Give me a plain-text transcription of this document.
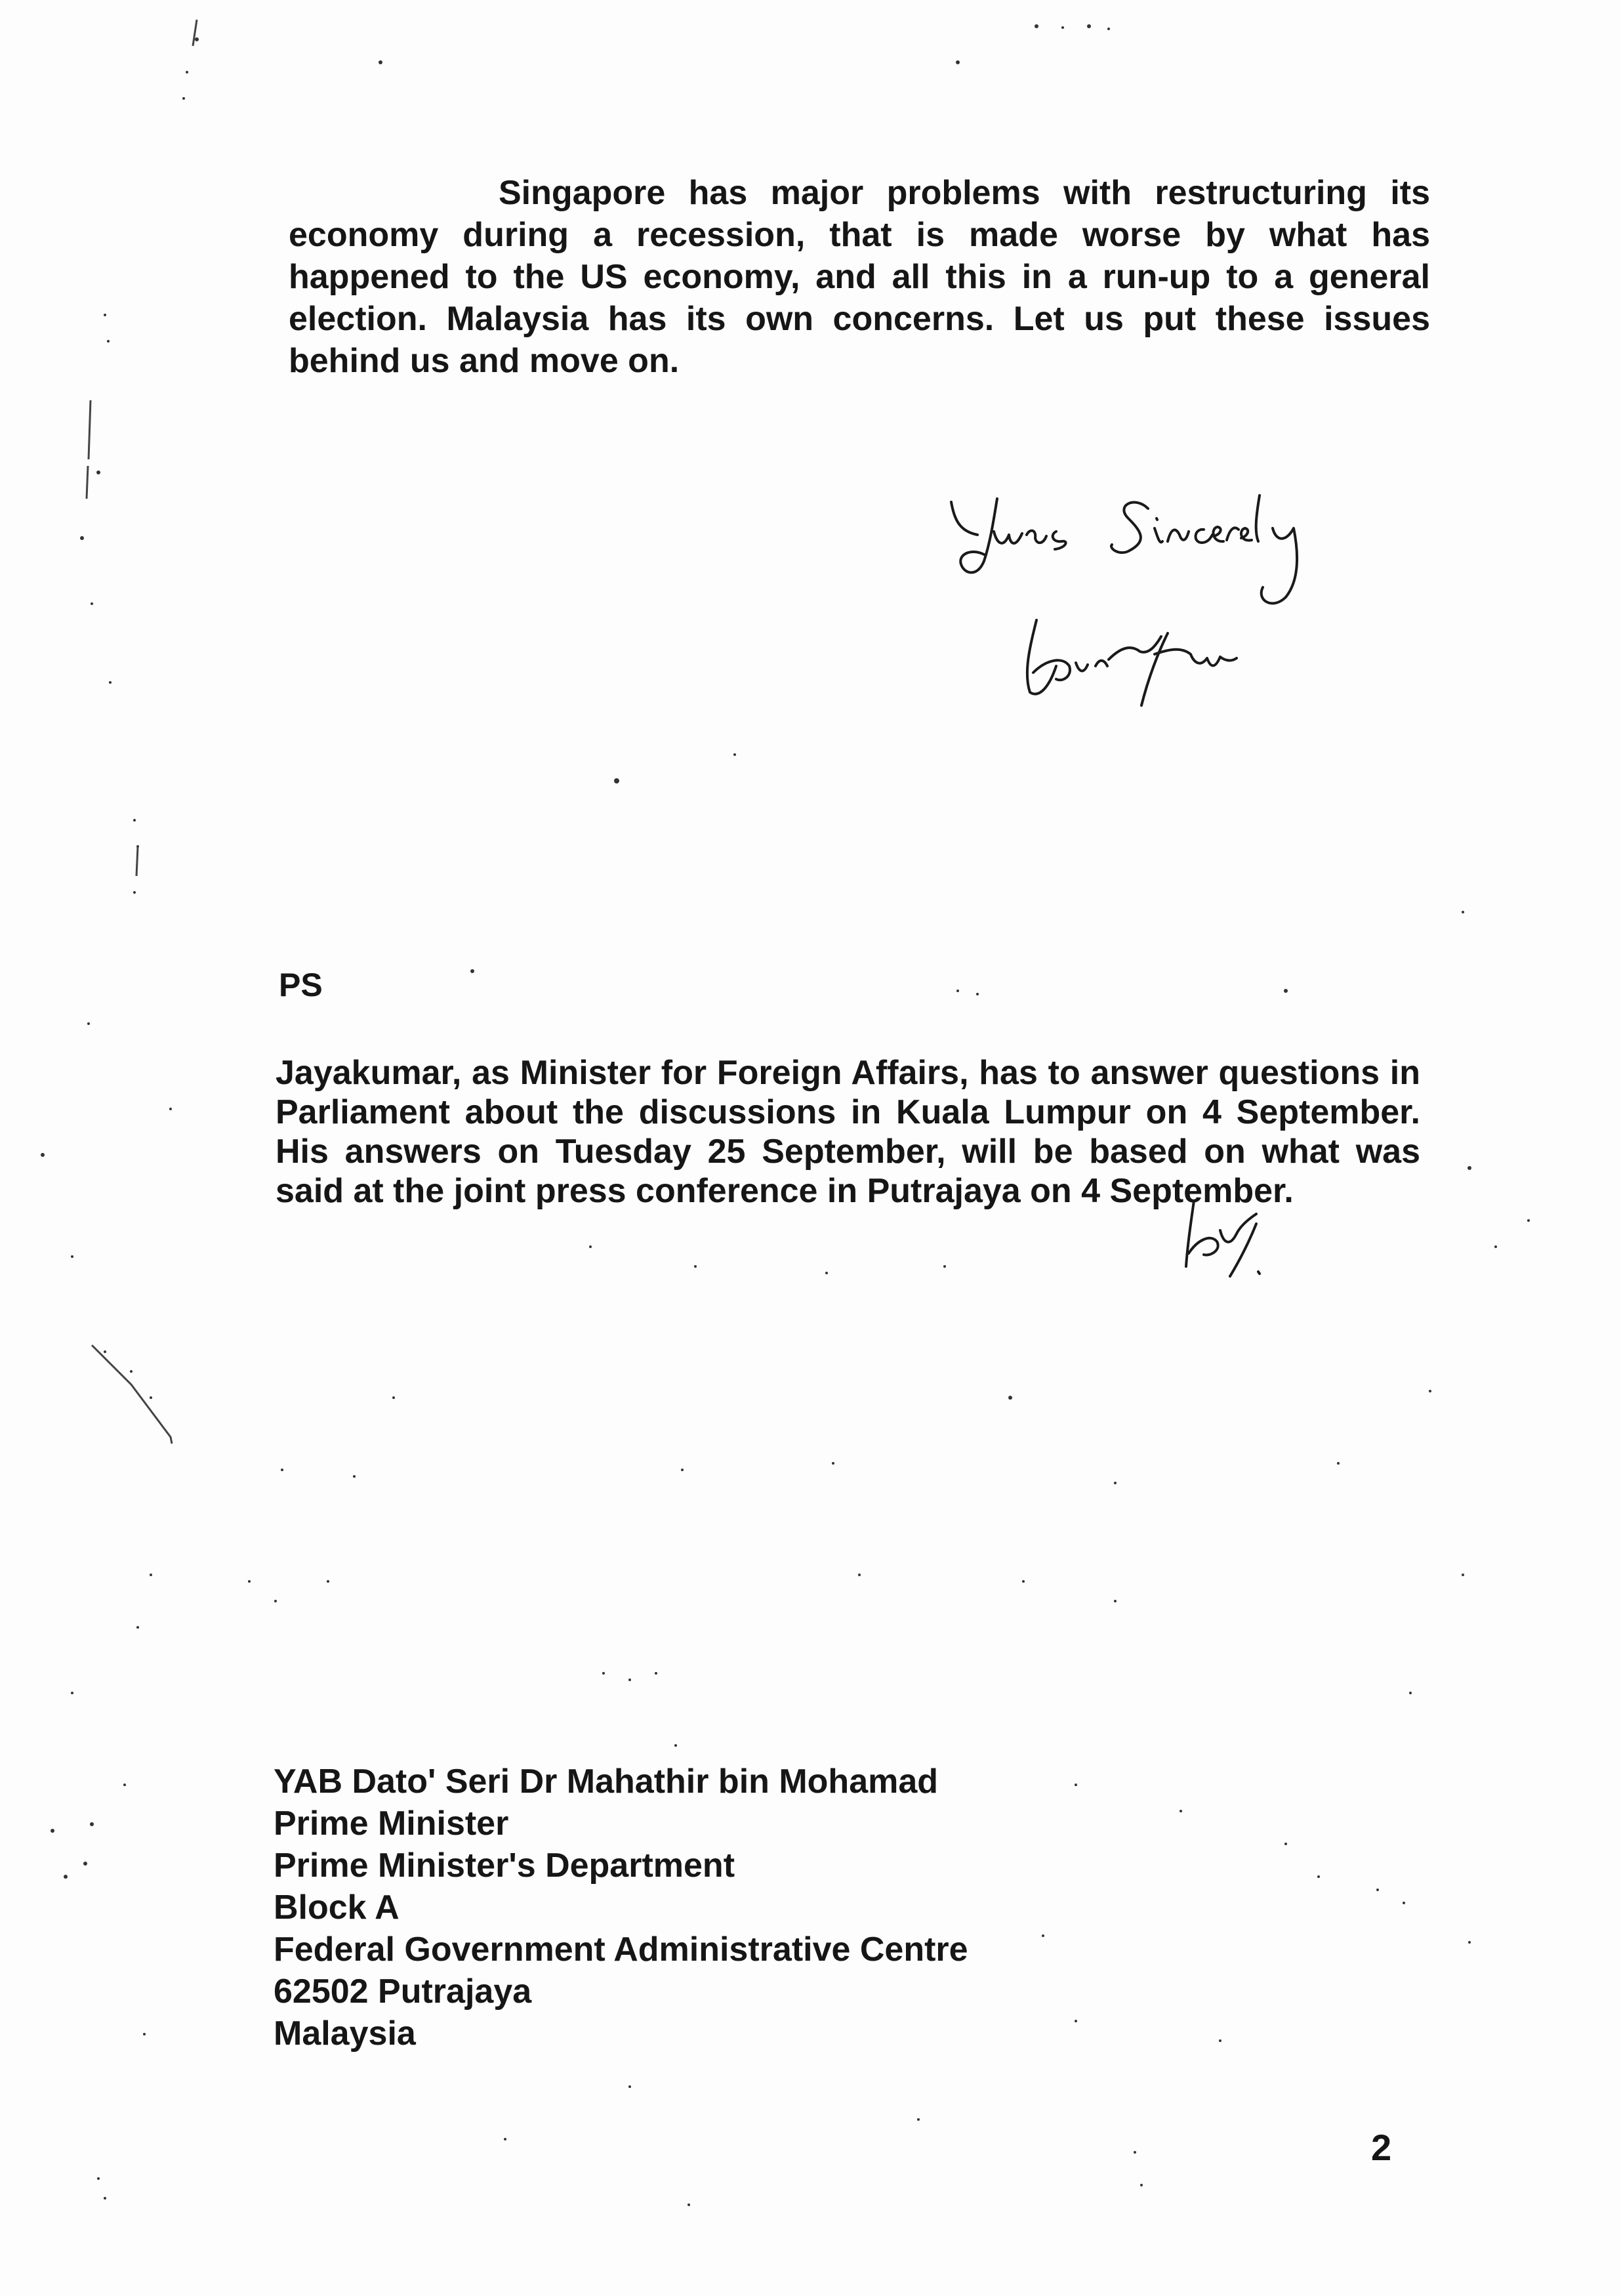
Singapore has major problems with restructuring its economy during a recession, that is made worse by what has happened to the US economy, and all this in a run-up to a general election. Malaysia has its own concerns. Let us put these issues behind us and move on.

PS

Jayakumar, as Minister for Foreign Affairs, has to answer questions in Parliament about the discussions in Kuala Lumpur on 4 September. His answers on Tuesday 25 September, will be based on what was said at the joint press conference in Putrajaya on 4 September.

YAB Dato' Seri Dr Mahathir bin Mohamad
Prime Minister
Prime Minister's Department
Block A
Federal Government Administrative Centre
62502 Putrajaya
Malaysia

2
